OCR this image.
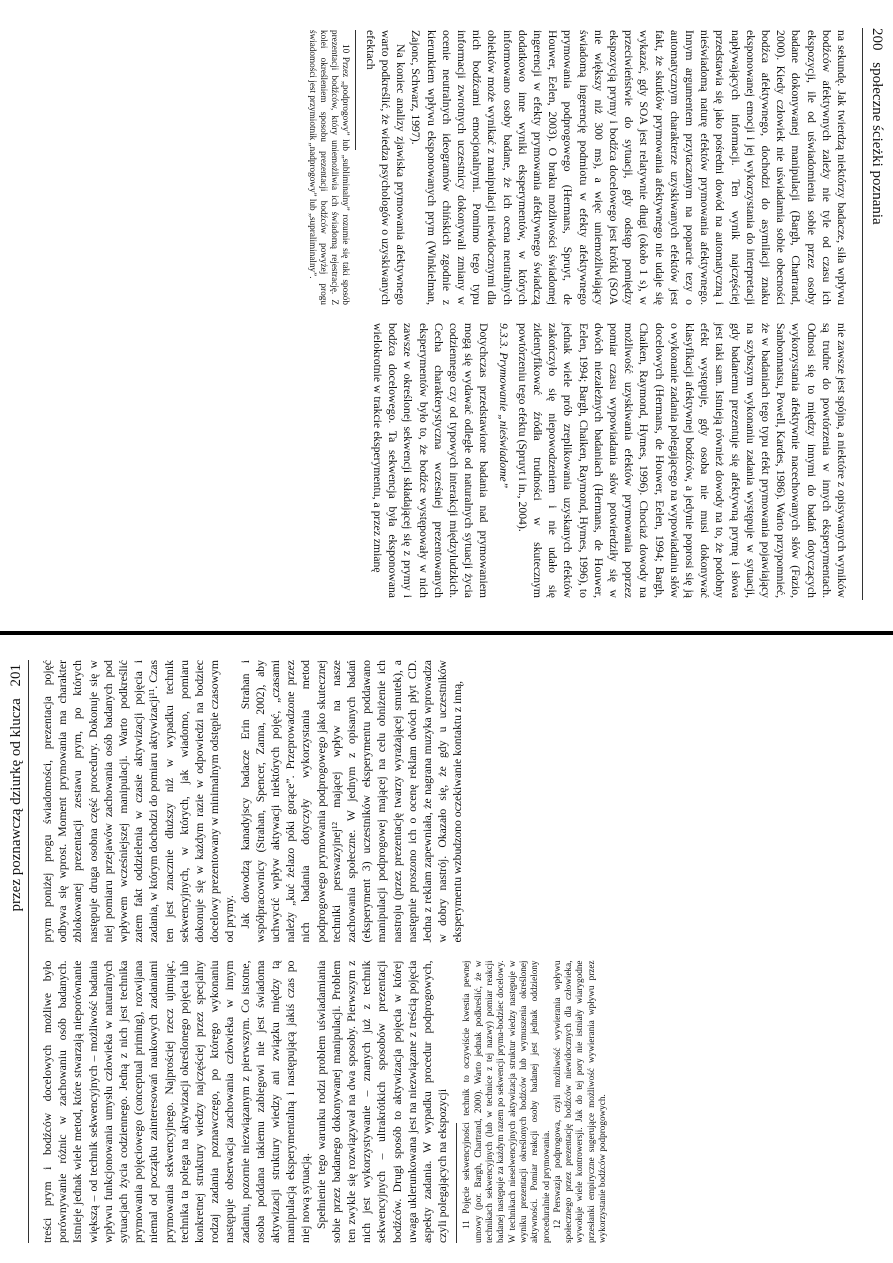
200 społeczne ścieżki poznania

na sekundę. Jak twierdzą niektórzy badacze, siła wpływu bodźców afektywnych zależy nie tyle od czasu ich ekspozycji, ile od uświadomienia sobie przez osoby badane dokonywanej manipulacji (Bargh, Chartrand, 2000). Kiedy człowiek nie uświadamia sobie obecności bodźca afektywnego, dochodzi do asymilacji znaku eksponowanej emocji i jej wykorzystania do interpretacji napływających informacji. Ten wynik najczęściej przedstawia się jako pośredni dowód na automatyczną i nieświadomą naturę efektów prymowania afektywnego. Innym argumentem przytaczanym na poparcie tezy o automatycznym charakterze uzyskiwanych efektów jest fakt, że skutków prymowania afektywnego nie udaje się wykazać, gdy SOA jest relatywnie długi (około 1 s), w przeciwieństwie do sytuacji, gdy odstęp pomiędzy ekspozycją prymy i bodźca docelowego jest krótki (SOA nie większy niż 300 ms), a więc uniemożliwiający świadomą ingerencję podmiotu w efekty afektywnego prymowania podprogowego (Hermans, Spruyt, de Houwer, Eelen, 2003). O braku możliwości świadomej ingerencji w efekty prymowania afektywnego świadczą dodatkowo inne wyniki eksperymentów, w których informowano osoby badane, że ich ocena neutralnych obiektów może wynikać z manipulacji niewidocznymi dla nich bodźcami emocjonalnymi. Pomimo tego typu informacji zwrotnych uczestnicy dokonywali zmiany w ocenie neutralnych ideogramów chińskich zgodnie z kierunkiem wpływu eksponowanych prym (Winkielman, Zajonc, Schwarz, 1997).

Na koniec analizy zjawiska prymowania afektywnego warto podkreślić, że wiedza psychologów o uzyskiwanych efektach

10 Przez „podprogowy” lub „subliminalny” rozumie się taki sposób prezentacji bodźców, który uniemożliwia ich świadomą rejestrację. Z kolei określeniem sposobu prezentacji bodźców powyżej progu świadomości jest przymiotnik „nadprogowy” lub „supraliminalny”.

nie zawsze jest spójna, a niektóre z opisywanych wyników są trudne do powtórzenia w innych eksperymentach. Odnosi się to między innymi do badań dotyczących wykorzystania afektywnie nacechowanych słów (Fazio, Sanbonmatsu, Powell, Kardes, 1986). Warto przypomnieć, że w badaniach tego typu efekt prymowania pojawiający na szybszym wykonaniu zadania występuje w sytuacji, gdy badanemu prezentuje się afektywną prymę i słowa jest taki sam. Istnieją również dowody na to, że podobny efekt występuje, gdy osoba nie musi dokonywać klasyfikacji afektywnej bodźców, a jedynie poprosi się ją o wykonanie zadania polegającego na wypowiadaniu słów docelowych (Hermans, de Houwer, Eelen, 1994; Bargh, Chaiken, Raymond, Hymes, 1996). Chociaż dowody na możliwość uzyskiwania efektów prymowania poprzez pomiar czasu wypowiadania słów potwierdziły się w dwóch niezależnych badaniach (Hermans, de Houwer, Eelen, 1994; Bargh, Chaiken, Raymond, Hymes, 1996), to jednak wiele prób zreplikowania uzyskanych efektów zakończyło się niepowodzeniem i nie udało się zidentyfikować źródła trudności w skutecznym powtórzeniu tego efektu (Spruyt i in., 2004).

9.3.3. Prymowanie „nieświadome”

Dotychczas przedstawione badania nad prymowaniem mogą się wydawać odległe od naturalnych sytuacji życia codziennego czy od typowych interakcji międzyludzkich. Cecha charakterystyczna wcześniej prezentowanych eksperymentów było to, że bodźce występowały w nich zawsze w określonej sekwencji składającej się z prymy i bodźca docelowego. Ta sekwencja była eksponowana wielokrotnie w trakcie eksperymentu, a przez zmianę

przez poznawczą dziurkę od klucza 201

treści prym i bodźców docelowych możliwe było porównywanie różnic w zachowaniu osób badanych. Istnieje jednak wiele metod, które stwarzają nieporównanie większą – od technik sekwencyjnych – możliwość badania wpływu funkcjonowania umysłu człowieka w naturalnych sytuacjach życia codziennego. Jedną z nich jest technika prymowania pojęciowego (conceptual priming), rozwijana niemal od początku zainteresowań naukowych zadaniami prymowania sekwencyjnego. Najprościej rzecz ujmując, technika ta polega na aktywizacji określonego pojęcia lub konkretnej struktury wiedzy najczęściej przez specjalny rodzaj zadania poznawczego, po którego wykonaniu następuje obserwacja zachowania człowieka w innym zadaniu, pozornie niezwiązanym z pierwszym. Co istotne, osoba poddana takiemu zabiegowi nie jest świadoma aktywizacji struktury wiedzy ani związku między tą manipulacją eksperymentalną i następującą jakiś czas po niej nową sytuacją. Spełnienie tego warunku rodzi problem uświadamiania sobie przez badanego dokonywanej manipulacji. Problem ten zwykle się rozwiązywał na dwa sposoby. Pierwszym z nich jest wykorzystywanie – znanych już z technik sekwencyjnych – ultrakrótkich sposobów prezentacji bodźców. Drugi sposób to aktywizacja pojęcia w której uwaga uklerunkowana jest na niezwiązane z treścią pojęcia aspekty zadania. W wypadku procedur podprogowych, czyli polegających na ekspozycji 11 Pojęcie sekwencyjności technik to oczywiście kwestia pewnej umowy (por. Bargh, Chartrand, 2000). Warto jednak podkreślić, że w technikach sekwencyjnych (lub w technice z tej nazwy) pomiar reakcji badanej następuje za każdym razem po sekwencji pryma-bodziec docelowy. W technikach nieselwencyjnych aktywizacja struktur wiedzy następuje w wyniku prezentacji określonych bodźców lub wymuszenia określonej aktywności. Pomiar reakcji osoby badanej jest jednak oddzielony proceduralnie od prymowania. 12 Perswazja podprogowa, czyli możliwość wywierania wpływu społecznego przez prezentację bodźców niewidocznych dla człowieka, wywołuje wiele kontrowersji. Jak do tej pory nie istniały wiarygodne przesłanki empiryczne sugerujące możliwość wywierania wpływu przez wykorzystanie bodźców podprogowych.

prym poniżej progu świadomości, prezentacja pojęć odbywa się wprost. Moment prymowania ma charakter zblokowanej prezentacji zestawu prym, po których następuje druga osobna część procedury. Dokonuje się w niej pomiaru przejawów zachowania osób badanych pod wpływem wcześniejszej manipulacji. Warto podkreślić zatem fakt oddzielenia w czasie aktywizacji pojęcia i zadania, w którym dochodzi do pomiaru aktywizacji¹¹. Czas ten jest znacznie dłuższy niż w wypadku technik sekwencyjnych, w których, jak wiadomo, pomiaru dokonuje się w każdym razie w odpowiedzi na bodziec docelowy prezentowany w minimalnym odstępie czasowym od prymy. Jak dowodzą kanadyjscy badacze Erin Strahan i współpracownicy (Strahan, Spencer, Zanna, 2002), aby uchwycić wpływ aktywacji niektórych pojęć, „czasami należy „kuć żelazo póki gorące”. Przeprowadzone przez nich badania dotyczyły wykorzystania metod podprogowego prymowania podprogowego jako skutecznej techniki perswazyjnej¹² mającej wpływ na nasze zachowania społeczne. W jednym z opisanych badań (eksperyment 3) uczestników eksperymentu poddawano manipulacji podprogowej mającej na celu obniżenie ich nastroju (przez prezentację twarzy wyrażającej smutek), a następnie proszono ich o ocenę reklam dwóch płyt CD. Jedna z reklam zapewniała, że nagrana muzyka wprowadza w dobry nastrój. Okazało się, że gdy u uczestników eksperymentu wzbudzono oczekiwanie kontaktu z inną,
